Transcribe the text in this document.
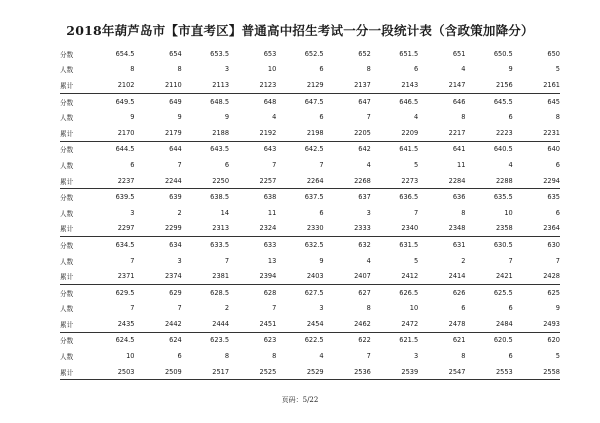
2018年葫芦岛市【市直考区】普通高中招生考试一分一段统计表（含政策加降分）
分数	654.5	654	653.5	653	652.5	652	651.5	651	650.5	650
人数	8	8	3	10	6	8	6	4	9	5
累计	2102	2110	2113	2123	2129	2137	2143	2147	2156	2161
分数	649.5	649	648.5	648	647.5	647	646.5	646	645.5	645
人数	9	9	9	4	6	7	4	8	6	8
累计	2170	2179	2188	2192	2198	2205	2209	2217	2223	2231
分数	644.5	644	643.5	643	642.5	642	641.5	641	640.5	640
人数	6	7	6	7	7	4	5	11	4	6
累计	2237	2244	2250	2257	2264	2268	2273	2284	2288	2294
分数	639.5	639	638.5	638	637.5	637	636.5	636	635.5	635
人数	3	2	14	11	6	3	7	8	10	6
累计	2297	2299	2313	2324	2330	2333	2340	2348	2358	2364
分数	634.5	634	633.5	633	632.5	632	631.5	631	630.5	630
人数	7	3	7	13	9	4	5	2	7	7
累计	2371	2374	2381	2394	2403	2407	2412	2414	2421	2428
分数	629.5	629	628.5	628	627.5	627	626.5	626	625.5	625
人数	7	7	2	7	3	8	10	6	6	9
累计	2435	2442	2444	2451	2454	2462	2472	2478	2484	2493
分数	624.5	624	623.5	623	622.5	622	621.5	621	620.5	620
人数	10	6	8	8	4	7	3	8	6	5
累计	2503	2509	2517	2525	2529	2536	2539	2547	2553	2558
页码：5/22
